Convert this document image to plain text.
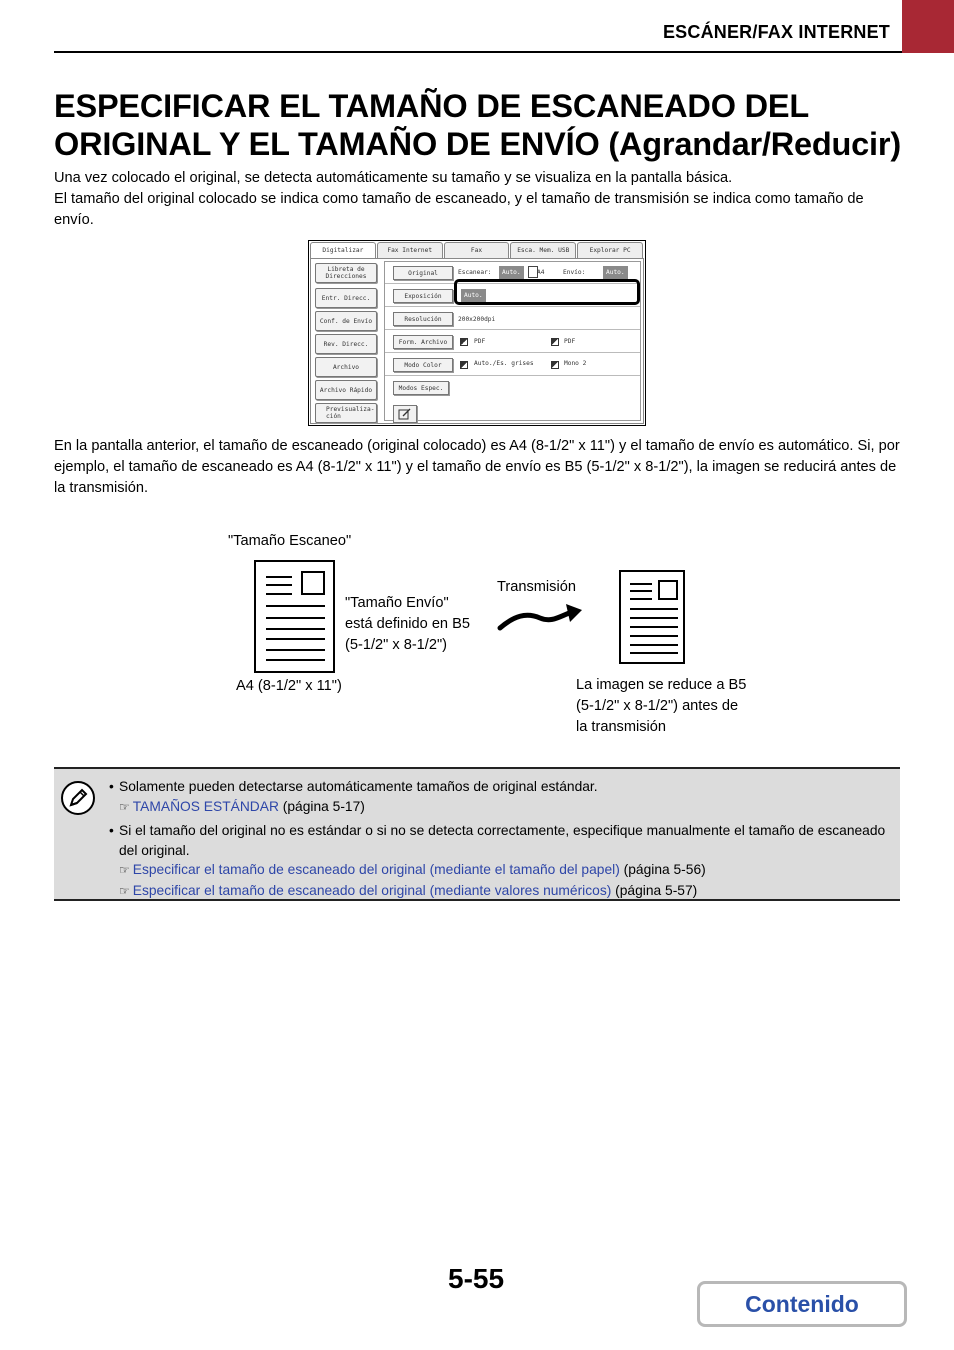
ESCÁNER/FAX INTERNET
ESPECIFICAR EL TAMAÑO DE ESCANEADO DEL ORIGINAL Y EL TAMAÑO DE ENVÍO (Agrandar/Reducir)

Una vez colocado el original, se detecta automáticamente su tamaño y se visualiza en la pantalla básica.

El tamaño del original colocado se indica como tamaño de escaneado, y el tamaño de transmisión se indica como tamaño de envío.

Digitalizar	Fax Internet	Fax	Esca. Mem. USB	Explorar PC
Libreta de Direcciones
Entr. Direcc.
Conf. de Envío
Rev. Direcc.
Archivo
Archivo Rápido
Previsualiza-ción
Original	Escanear:	Auto.	A4	Envío:	Auto.
Exposición	Auto.
Resolución	200x200dpi
Form. Archivo	PDF	PDF
Modo Color	Auto./Es. grises	Mono 2
Modos Espec.
En la pantalla anterior, el tamaño de escaneado (original colocado) es A4 (8-1/2" x 11") y el tamaño de envío es automático. Si, por ejemplo, el tamaño de escaneado es A4 (8-1/2" x 11") y el tamaño de envío es B5 (5-1/2" x 8-1/2"), la imagen se reducirá antes de la transmisión.
"Tamaño Escaneo"
"Tamaño Envío"
está definido en B5
(5-1/2" x 8-1/2")
Transmisión
A4 (8-1/2" x 11")	La imagen se reduce a B5
(5-1/2" x 8-1/2") antes de
la transmisión
• Solamente pueden detectarse automáticamente tamaños de original estándar.
☞ TAMAÑOS ESTÁNDAR (página 5-17)
• Si el tamaño del original no es estándar o si no se detecta correctamente, especifique manualmente el tamaño de escaneado del original.
☞ Especificar el tamaño de escaneado del original (mediante el tamaño del papel) (página 5-56)
☞ Especificar el tamaño de escaneado del original (mediante valores numéricos) (página 5-57)
5-55
Contenido
